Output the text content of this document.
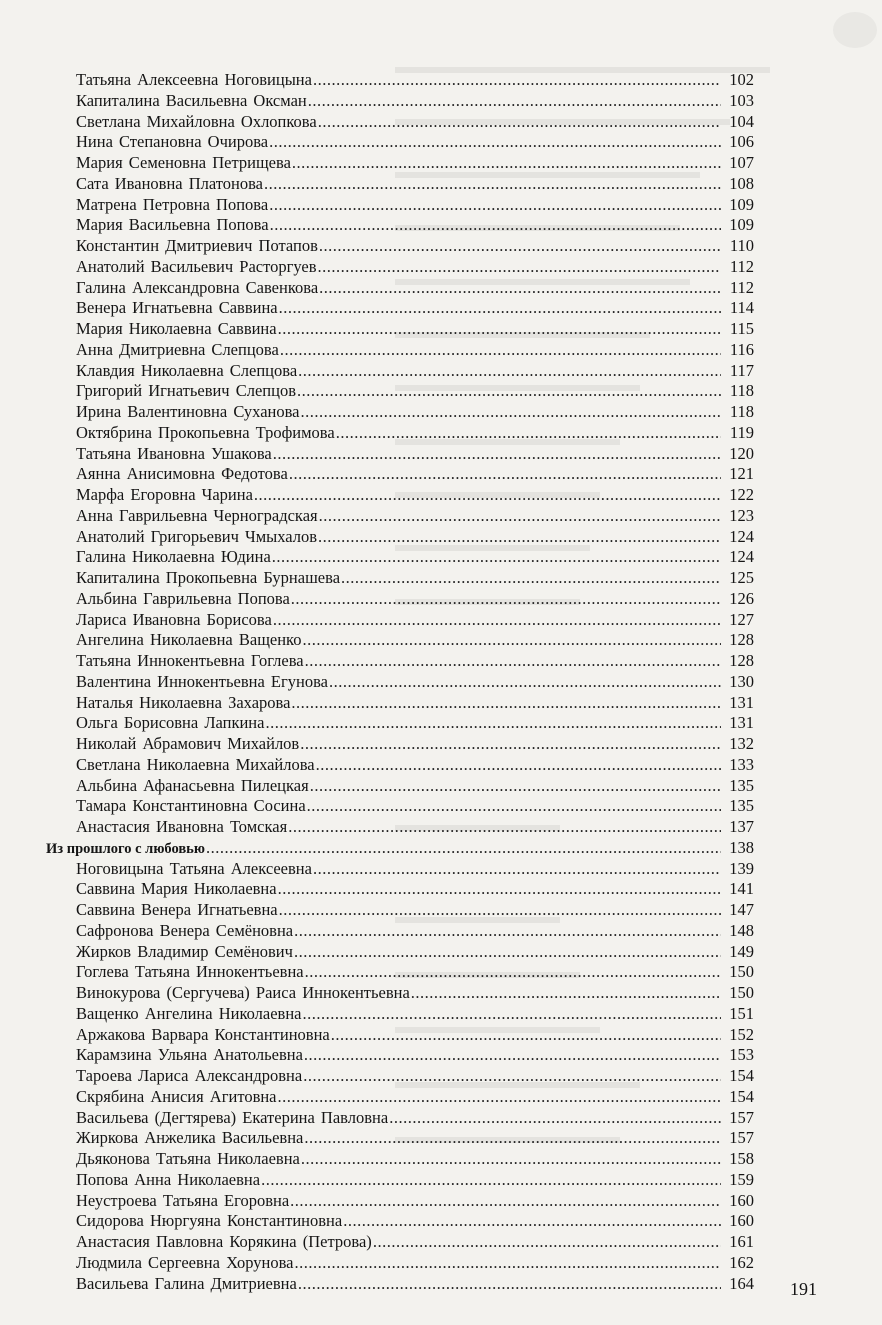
Татьяна Алексеевна Ноговицына .....	102
Капиталина Васильевна Оксман .....	103
Светлана Михайловна Охлопкова .....	104
Нина Степановна Очирова .....	106
Мария Семеновна Петрищева .....	107
Сата Ивановна Платонова .....	108
Матрена Петровна Попова .....	109
Мария Васильевна Попова .....	109
Константин Дмитриевич Потапов .....	110
Анатолий Васильевич Расторгуев .....	112
Галина Александровна Савенкова .....	112
Венера Игнатьевна Саввина .....	114
Мария Николаевна Саввина .....	115
Анна Дмитриевна Слепцова .....	116
Клавдия Николаевна Слепцова .....	117
Григорий Игнатьевич Слепцов .....	118
Ирина Валентиновна Суханова .....	118
Октябрина Прокопьевна Трофимова .....	119
Татьяна Ивановна Ушакова .....	120
Аянна Анисимовна Федотова .....	121
Марфа Егоровна Чарина .....	122
Анна Гаврильевна Черноградская .....	123
Анатолий Григорьевич Чмыхалов .....	124
Галина Николаевна Юдина .....	124
Капиталина Прокопьевна Бурнашева .....	125
Альбина Гаврильевна Попова .....	126
Лариса Ивановна Борисова .....	127
Ангелина Николаевна Ващенко .....	128
Татьяна Иннокентьевна Гоглева .....	128
Валентина Иннокентьевна Егунова .....	130
Наталья Николаевна Захарова .....	131
Ольга Борисовна Лапкина .....	131
Николай Абрамович Михайлов .....	132
Светлана Николаевна Михайлова .....	133
Альбина Афанасьевна Пилецкая .....	135
Тамара Константиновна Сосина .....	135
Анастасия Ивановна Томская .....	137
Из прошлого с любовью .....	138
Ноговицына Татьяна Алексеевна .....	139
Саввина Мария Николаевна .....	141
Саввина Венера Игнатьевна .....	147
Сафронова Венера Семёновна .....	148
Жирков Владимир Семёнович .....	149
Гоглева Татьяна Иннокентьевна .....	150
Винокурова (Сергучева) Раиса Иннокентьевна .....	150
Ващенко Ангелина Николаевна .....	151
Аржакова Варвара Константиновна .....	152
Карамзина Ульяна Анатольевна .....	153
Тароева Лариса Александровна .....	154
Скрябина Анисия Агитовна .....	154
Васильева (Дегтярева) Екатерина Павловна .....	157
Жиркова Анжелика Васильевна .....	157
Дьяконова Татьяна Николаевна .....	158
Попова Анна Николаевна .....	159
Неустроева Татьяна Егоровна .....	160
Сидорова Нюргуяна Константиновна .....	160
Анастасия Павловна Корякина (Петрова) .....	161
Людмила Сергеевна Хорунова .....	162
Васильева Галина Дмитриевна .....	164 191
